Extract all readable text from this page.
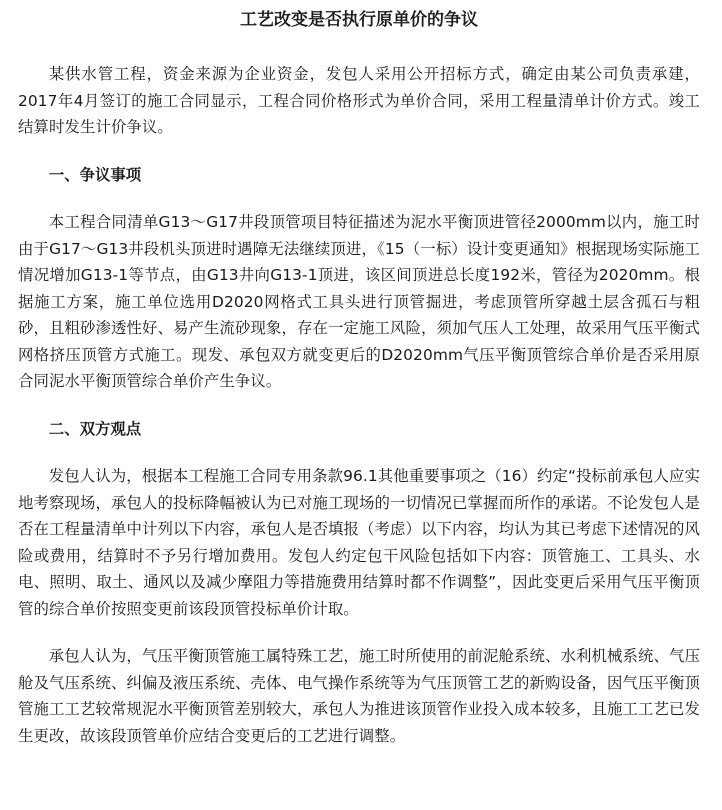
工艺改变是否执行原单价的争议

某供水管工程，资金来源为企业资金，发包人采用公开招标方式，确定由某公司负责承建，2017年4月签订的施工合同显示，工程合同价格形式为单价合同，采用工程量清单计价方式。竣工结算时发生计价争议。

一、争议事项

本工程合同清单G13～G17井段顶管项目特征描述为泥水平衡顶进管径2000mm以内，施工时由于G17～G13井段机头顶进时遇障无法继续顶进，《15（一标）设计变更通知》根据现场实际施工情况增加G13-1等节点，由G13井向G13-1顶进，该区间顶进总长度192米，管径为2020mm。根据施工方案，施工单位选用D2020网格式工具头进行顶管掘进，考虑顶管所穿越土层含孤石与粗砂，且粗砂渗透性好、易产生流砂现象，存在一定施工风险，须加气压人工处理，故采用气压平衡式网格挤压顶管方式施工。现发、承包双方就变更后的D2020mm气压平衡顶管综合单价是否采用原合同泥水平衡顶管综合单价产生争议。

二、双方观点

发包人认为，根据本工程施工合同专用条款96.1其他重要事项之（16）约定“投标前承包人应实地考察现场，承包人的投标降幅被认为已对施工现场的一切情况已掌握而所作的承诺。不论发包人是否在工程量清单中计列以下内容，承包人是否填报（考虑）以下内容，均认为其已考虑下述情况的风险或费用，结算时不予另行增加费用。发包人约定包干风险包括如下内容：顶管施工、工具头、水电、照明、取土、通风以及减少摩阻力等措施费用结算时都不作调整”，因此变更后采用气压平衡顶管的综合单价按照变更前该段顶管投标单价计取。

承包人认为，气压平衡顶管施工属特殊工艺，施工时所使用的前泥舱系统、水利机械系统、气压舱及气压系统、纠偏及液压系统、壳体、电气操作系统等为气压顶管工艺的新购设备，因气压平衡顶管施工工艺较常规泥水平衡顶管差别较大，承包人为推进该顶管作业投入成本较多，且施工工艺已发生更改，故该段顶管单价应结合变更后的工艺进行调整。
